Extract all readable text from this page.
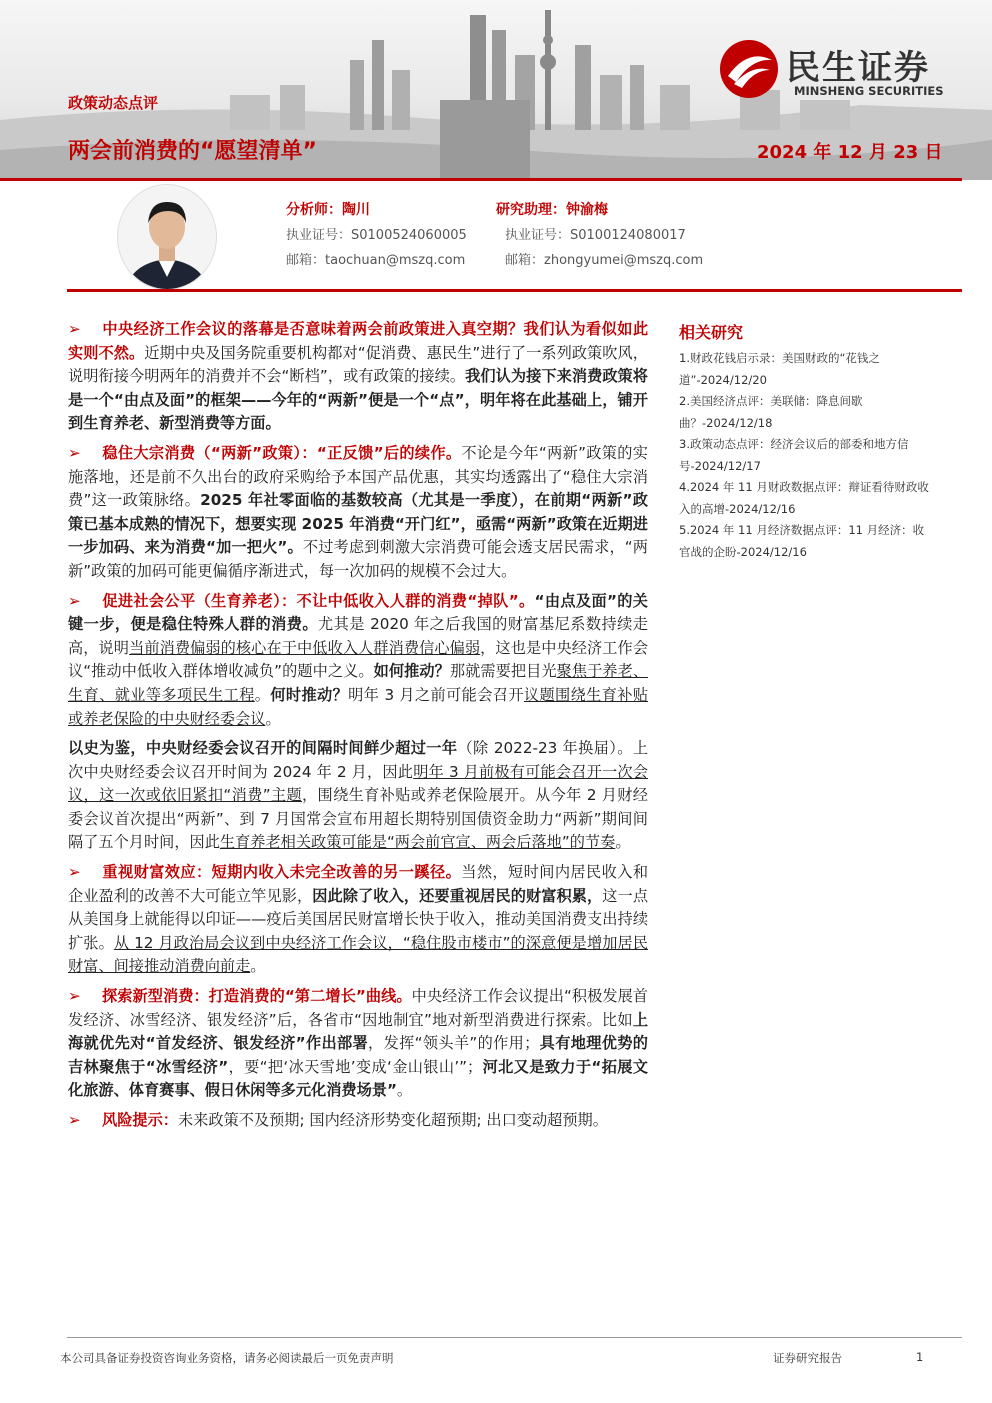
民生证券
MINSHENG SECURITIES
政策动态点评
两会前消费的“愿望清单”	2024 年 12 月 23 日
分析师：陶川
执业证号：S0100524060005
邮箱：taochuan@mszq.com
研究助理：钟渝梅
执业证号：S0100124080017
邮箱：zhongyumei@mszq.com

➢ 中央经济工作会议的落幕是否意味着两会前政策进入真空期？我们认为看似如此实则不然。近期中央及国务院重要机构都对“促消费、惠民生”进行了一系列政策吹风，说明衔接今明两年的消费并不会“断档”，或有政策的接续。我们认为接下来消费政策将是一个“由点及面”的框架——今年的“两新”便是一个“点”，明年将在此基础上，铺开到生育养老、新型消费等方面。

➢ 稳住大宗消费（“两新”政策）：“正反馈”后的续作。不论是今年“两新”政策的实施落地，还是前不久出台的政府采购给予本国产品优惠，其实均透露出了“稳住大宗消费”这一政策脉络。2025 年社零面临的基数较高（尤其是一季度），在前期“两新”政策已基本成熟的情况下，想要实现 2025 年消费“开门红”，亟需“两新”政策在近期进一步加码、来为消费“加一把火”。不过考虑到刺激大宗消费可能会透支居民需求，“两新”政策的加码可能更偏循序渐进式，每一次加码的规模不会过大。

➢ 促进社会公平（生育养老）：不让中低收入人群的消费“掉队”。“由点及面”的关键一步，便是稳住特殊人群的消费。尤其是 2020 年之后我国的财富基尼系数持续走高，说明当前消费偏弱的核心在于中低收入人群消费信心偏弱，这也是中央经济工作会议“推动中低收入群体增收减负”的题中之义。如何推动？那就需要把目光聚焦于养老、生育、就业等多项民生工程。何时推动？明年 3 月之前可能会召开议题围绕生育补贴或养老保险的中央财经委会议。

以史为鉴，中央财经委会议召开的间隔时间鲜少超过一年（除 2022-23 年换届）。上次中央财经委会议召开时间为 2024 年 2 月，因此明年 3 月前极有可能会召开一次会议，这一次或依旧紧扣“消费”主题，围绕生育补贴或养老保险展开。从今年 2 月财经委会议首次提出“两新”、到 7 月国常会宣布用超长期特别国债资金助力“两新”期间间隔了五个月时间，因此生育养老相关政策可能是“两会前官宣、两会后落地”的节奏。

➢ 重视财富效应：短期内收入未完全改善的另一蹊径。当然，短时间内居民收入和企业盈利的改善不大可能立竿见影，因此除了收入，还要重视居民的财富积累，这一点从美国身上就能得以印证——疫后美国居民财富增长快于收入，推动美国消费支出持续扩张。从 12 月政治局会议到中央经济工作会议，“稳住股市楼市”的深意便是增加居民财富、间接推动消费向前走。

➢ 探索新型消费：打造消费的“第二增长”曲线。中央经济工作会议提出“积极发展首发经济、冰雪经济、银发经济”后，各省市“因地制宜”地对新型消费进行探索。比如上海就优先对“首发经济、银发经济”作出部署，发挥“领头羊”的作用；具有地理优势的吉林聚焦于“冰雪经济”，要“把‘冰天雪地’变成‘金山银山’”；河北又是致力于“拓展文化旅游、体育赛事、假日休闲等多元化消费场景”。

➢ 风险提示：未来政策不及预期; 国内经济形势变化超预期; 出口变动超预期。

相关研究
1.财政花钱启示录：美国财政的“花钱之道”-2024/12/20
2.美国经济点评：美联储：降息间歇曲？-2024/12/18
3.政策动态点评：经济会议后的部委和地方信号-2024/12/17
4.2024 年 11 月财政数据点评：辩证看待财政收入的高增-2024/12/16
5.2024 年 11 月经济数据点评：11 月经济：收官战的企盼-2024/12/16
本公司具备证券投资咨询业务资格，请务必阅读最后一页免责声明	证券研究报告	1
